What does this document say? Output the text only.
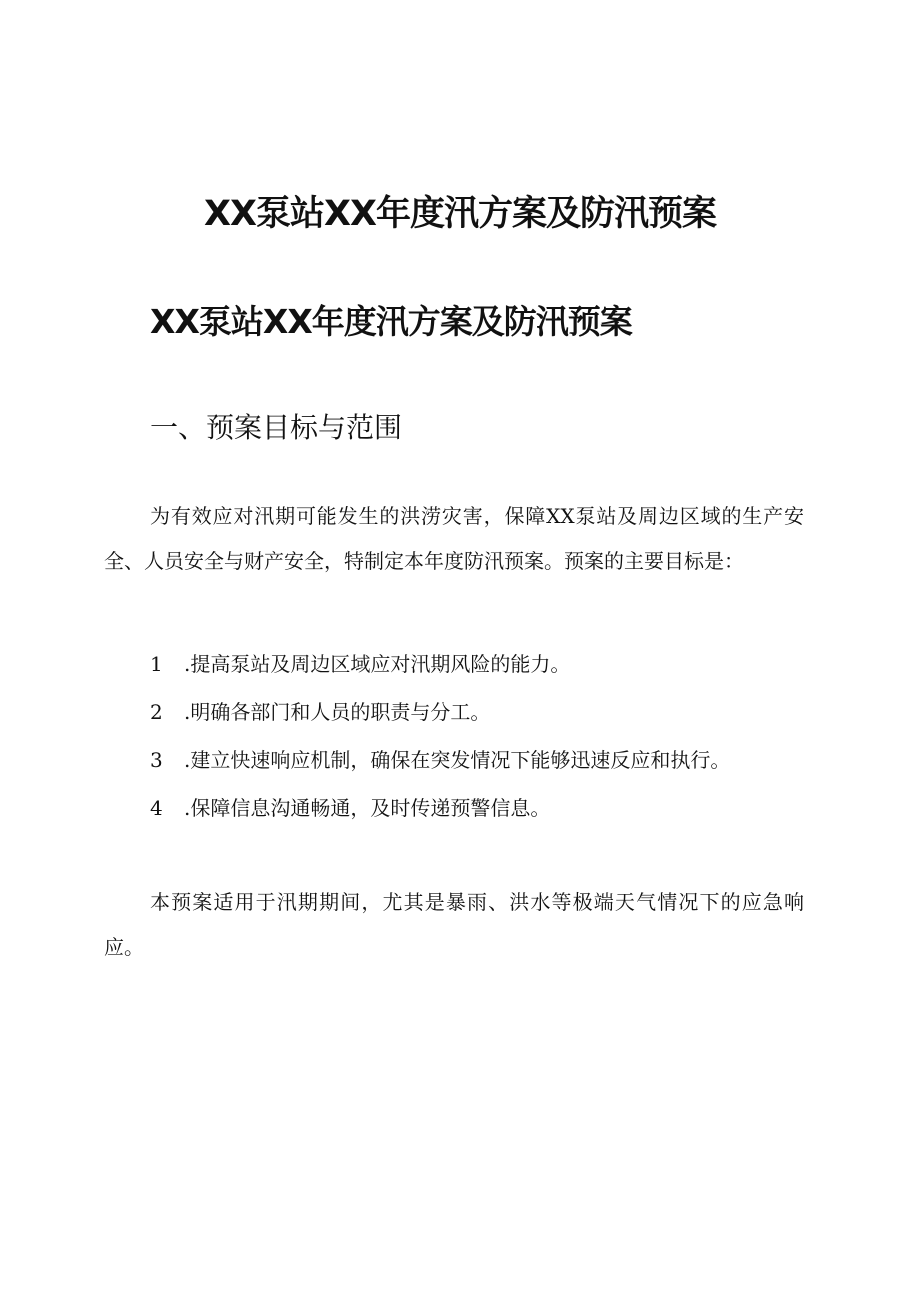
XX泵站XX年度汛方案及防汛预案
XX泵站XX年度汛方案及防汛预案
一、预案目标与范围

为有效应对汛期可能发生的洪涝灾害，保障XX泵站及周边区域的生产安全、人员安全与财产安全，特制定本年度防汛预案。预案的主要目标是：

1 .提高泵站及周边区域应对汛期风险的能力。
2 .明确各部门和人员的职责与分工。
3 .建立快速响应机制，确保在突发情况下能够迅速反应和执行。
4 .保障信息沟通畅通，及时传递预警信息。

本预案适用于汛期期间，尤其是暴雨、洪水等极端天气情况下的应急响应。
